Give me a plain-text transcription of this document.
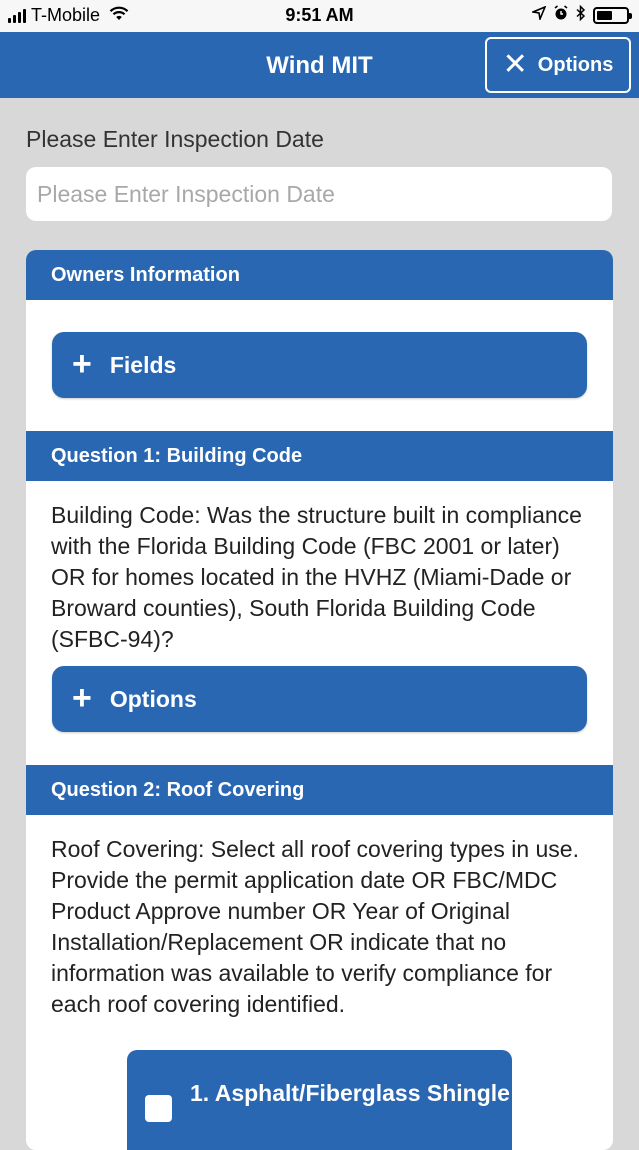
T-Mobile	9:51 AM
Wind MIT	✕ Options
Please Enter Inspection Date
Please Enter Inspection Date
Owners Information
+ Fields
Question 1: Building Code
Building Code: Was the structure built in compliance with the Florida Building Code (FBC 2001 or later) OR for homes located in the HVHZ (Miami-Dade or Broward counties), South Florida Building Code (SFBC-94)?
+ Options
Question 2: Roof Covering
Roof Covering: Select all roof covering types in use. Provide the permit application date OR FBC/MDC Product Approve number OR Year of Original Installation/Replacement OR indicate that no information was available to verify compliance for each roof covering identified.
1. Asphalt/Fiberglass Shingle
